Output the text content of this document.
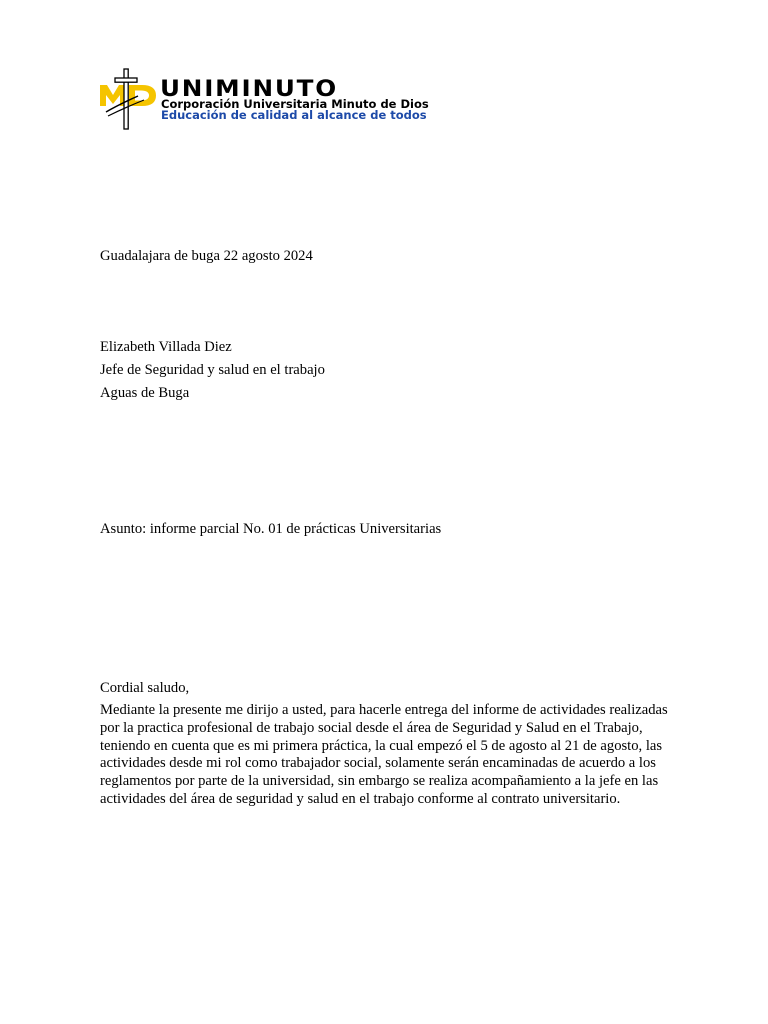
UNIMINUTO
Corporación Universitaria Minuto de Dios
Educación de calidad al alcance de todos
Guadalajara de buga 22 agosto 2024
Elizabeth Villada Diez
Jefe de Seguridad y salud en el trabajo
Aguas de Buga
Asunto: informe parcial No. 01 de prácticas Universitarias
Cordial saludo,

Mediante la presente me dirijo a usted, para hacerle entrega del informe de actividades realizadas por la practica profesional de trabajo social desde el área de Seguridad y Salud en el Trabajo, teniendo en cuenta que es mi primera práctica, la cual empezó el 5 de agosto al 21 de agosto, las actividades desde mi rol como trabajador social, solamente serán encaminadas de acuerdo a los reglamentos por parte de la universidad, sin embargo se realiza acompañamiento a la jefe en las actividades del área de seguridad y salud en el trabajo conforme al contrato universitario.
